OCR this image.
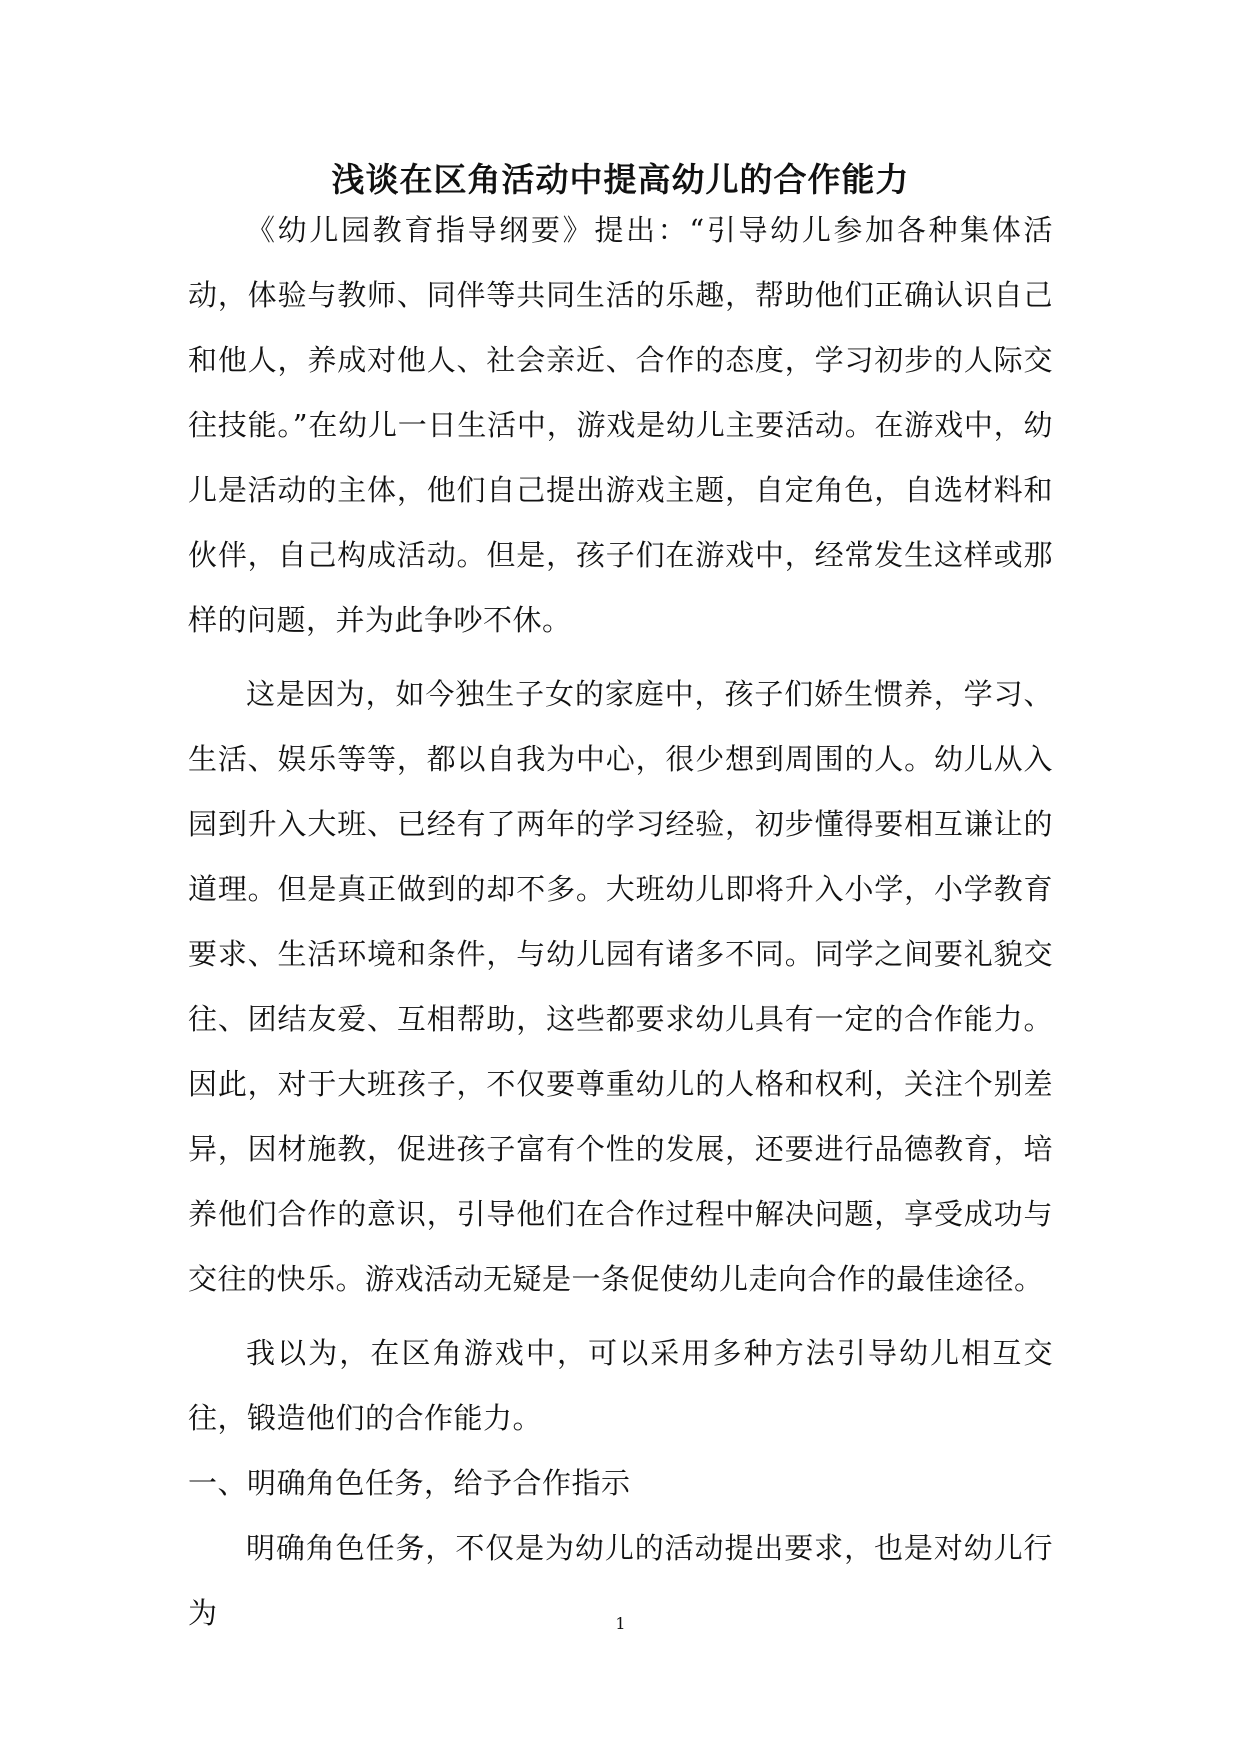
浅谈在区角活动中提高幼儿的合作能力

《幼儿园教育指导纲要》提出：“引导幼儿参加各种集体活动，体验与教师、同伴等共同生活的乐趣，帮助他们正确认识自己和他人，养成对他人、社会亲近、合作的态度，学习初步的人际交往技能。”在幼儿一日生活中，游戏是幼儿主要活动。在游戏中，幼儿是活动的主体，他们自己提出游戏主题，自定角色，自选材料和伙伴，自己构成活动。但是，孩子们在游戏中，经常发生这样或那样的问题，并为此争吵不休。

这是因为，如今独生子女的家庭中，孩子们娇生惯养，学习、生活、娱乐等等，都以自我为中心，很少想到周围的人。幼儿从入园到升入大班、已经有了两年的学习经验，初步懂得要相互谦让的道理。但是真正做到的却不多。大班幼儿即将升入小学，小学教育要求、生活环境和条件，与幼儿园有诸多不同。同学之间要礼貌交往、团结友爱、互相帮助，这些都要求幼儿具有一定的合作能力。因此，对于大班孩子，不仅要尊重幼儿的人格和权利，关注个别差异，因材施教，促进孩子富有个性的发展，还要进行品德教育，培养他们合作的意识，引导他们在合作过程中解决问题，享受成功与交往的快乐。游戏活动无疑是一条促使幼儿走向合作的最佳途径。

我以为，在区角游戏中，可以采用多种方法引导幼儿相互交往，锻造他们的合作能力。

一、明确角色任务，给予合作指示

明确角色任务，不仅是为幼儿的活动提出要求，也是对幼儿行为	1
